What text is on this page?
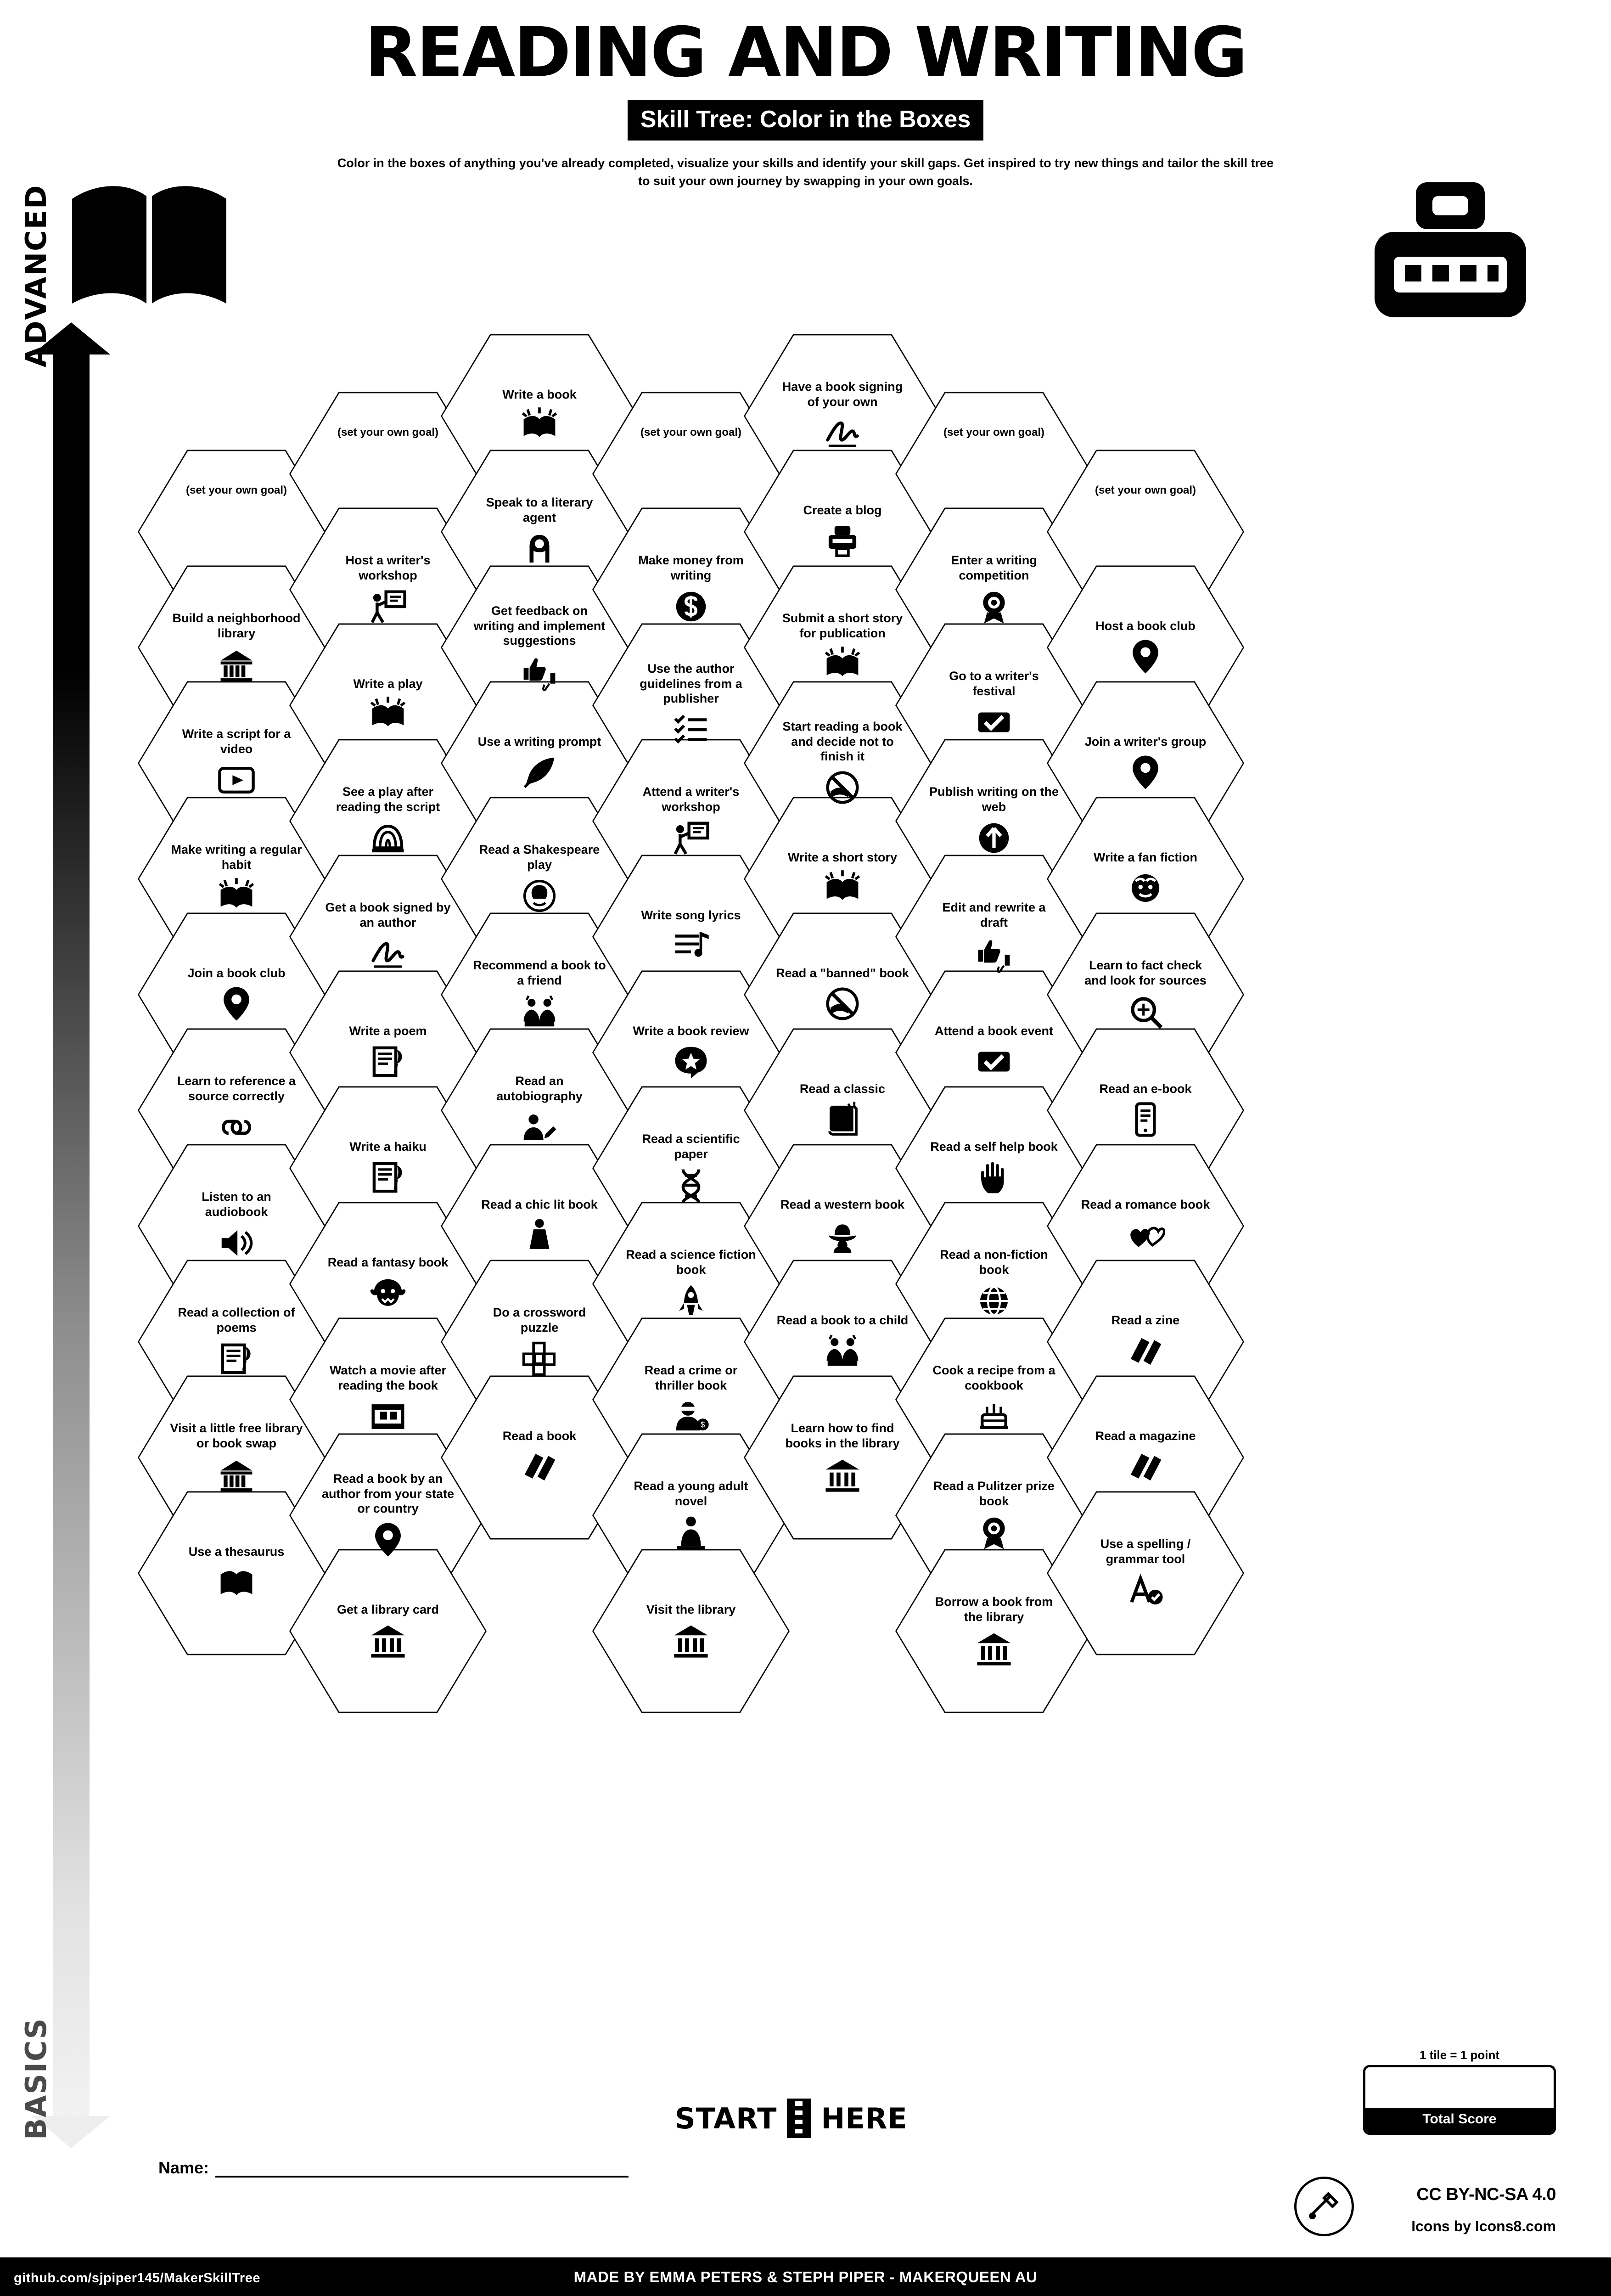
READING AND WRITING
Skill Tree: Color in the Boxes
Color in the boxes of anything you've already completed, visualize your skills and identify your skill gaps. Get inspired to try new things and tailor the skill tree to suit your own journey by swapping in your own goals.
ADVANCED
BASICS
(set your own goal)
Build a neighborhood library
Write a script for a video
Make writing a regular habit
Join a book club
Learn to reference a source correctly
Listen to an audiobook
Read a collection of poems
Visit a little free library or book swap
Use a thesaurus
(set your own goal)
Host a writer's workshop
Write a play
See a play after reading the script
Get a book signed by an author
Write a poem
Write a haiku
Read a fantasy book
Watch a movie after reading the book
Read a book by an author from your state or country
Get a library card
Write a book
Speak to a literary agent
Get feedback on writing and implement suggestions
Use a writing prompt
Read a Shakespeare play
Recommend a book to a friend
Read an autobiography
Read a chic lit book
Do a crossword puzzle
Read a book
(set your own goal)
Make money from writing
Use the author guidelines from a publisher
Attend a writer's workshop
Write song lyrics
Write a book review
Read a scientific paper
Read a science fiction book
Read a crime or thriller book
$
Read a young adult novel
Visit the library
Have a book signing of your own
Create a blog
Submit a short story for publication
Start reading a book and decide not to finish it
Write a short story
Read a "banned" book
Read a classic
Read a western book
Read a book to a child
Learn how to find books in the library
(set your own goal)
Enter a writing competition
Go to a writer's festival
Publish writing on the web
Edit and rewrite a draft
Attend a book event
Read a self help book
Read a non-fiction book
Cook a recipe from a cookbook
Read a Pulitzer prize book
Borrow a book from the library
(set your own goal)
Host a book club
Join a writer's group
Write a fan fiction
Learn to fact check and look for sources
Read an e-book
Read a romance book
Read a zine
Read a magazine
Use a spelling / grammar tool
START HERE
Name:
1 tile = 1 point
Total Score
CC BY-NC-SA 4.0
Icons by Icons8.com
MADE BY EMMA PETERS & STEPH PIPER - MAKERQUEEN AU
github.com/sjpiper145/MakerSkillTree
